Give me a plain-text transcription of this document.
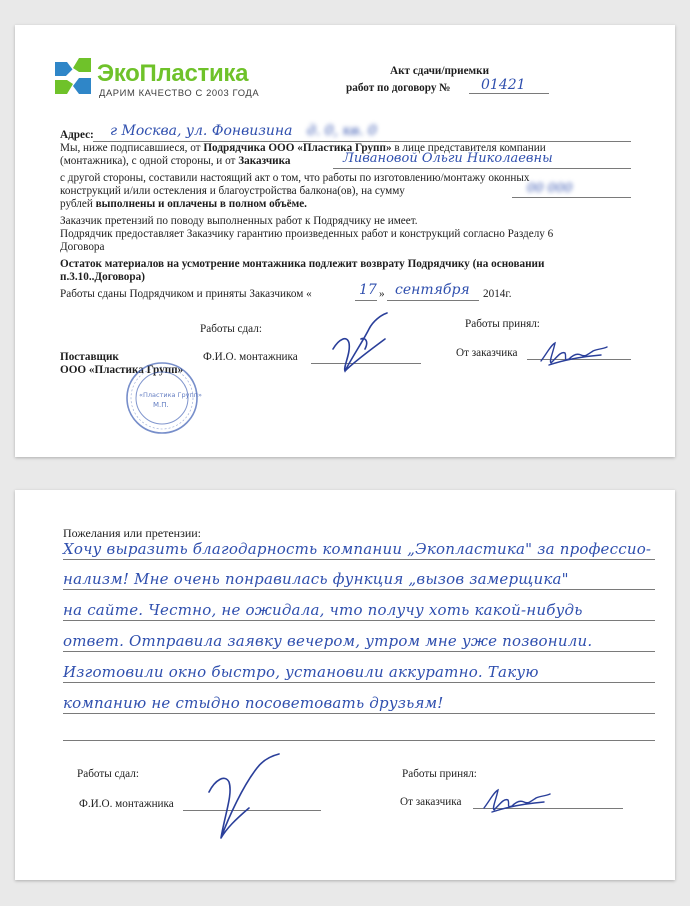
ЭкоПластика
ДАРИМ КАЧЕСТВО С 2003 ГОДА
Акт сдачи/приемки
работ по договору № 01421
Адрес: г Москва, ул. Фонвизина д. 0, кв. 0
Мы, ниже подписавшиеся, от Подрядчика ООО «Пластика Групп» в лице представителя компании
(монтажника), с одной стороны, и от Заказчика	Ливановой Ольги Николаевны
с другой стороны, составили настоящий акт о том, что работы по изготовлению/монтажу оконных
конструкций и/или остекления и благоустройства балкона(ов), на сумму	00 000
рублей выполнены и оплачены в полном объёме.
Заказчик претензий по поводу выполненных работ к Подрядчику не имеет.
Подрядчик предоставляет Заказчику гарантию произведенных работ и конструкций согласно Разделу 6
Договора
Остаток материалов на усмотрение монтажника подлежит возврату Подрядчику (на основании
п.3.10..Договора)
Работы сданы Подрядчиком и приняты Заказчиком «	17 » сентября 2014г.
Работы сдал:	Работы принял:
Ф.И.О. монтажника	От заказчика
Поставщик
ООО «Пластика Групп»
«Пластика Групп»
М.П.
Пожелания или претензии:
Хочу выразить благодарность компании „Экопластика" за профессио-
нализм! Мне очень понравилась функция „вызов замерщика"
на сайте. Честно, не ожидала, что получу хоть какой-нибудь
ответ. Отправила заявку вечером, утром мне уже позвонили.
Изготовили окно быстро, установили аккуратно. Такую
компанию не стыдно посоветовать друзьям!
Работы сдал:	Работы принял:
Ф.И.О. монтажника	От заказчика
